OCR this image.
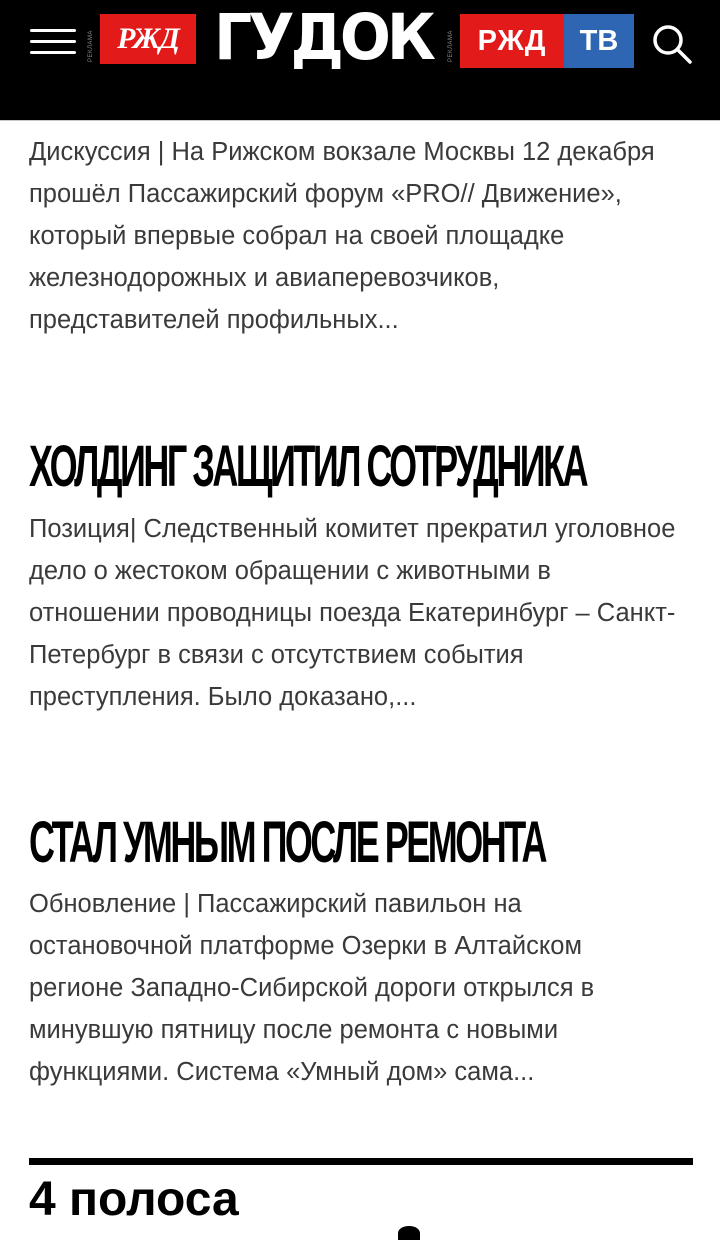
РЕКЛАМА РЖД ГУДОК	РЕКЛАМА РЖД	ТВ

Дискуссия | На Рижском вокзале Москвы 12 декабря прошёл Пассажирский форум «PRO// Движение», который впервые собрал на своей площадке железнодорожных и авиаперевозчиков, представителей профильных...

ХОЛДИНГ ЗАЩИТИЛ СОТРУДНИКА

Позиция| Следственный комитет прекратил уголовное дело о жестоком обращении с животными в отношении проводницы поезда Екатеринбург – Санкт-Петербург в связи с отсутствием события преступления. Было доказано,...

СТАЛ УМНЫМ ПОСЛЕ РЕМОНТА

Обновление | Пассажирский павильон на остановочной платформе Озерки в Алтайском регионе Западно-Сибирской дороги открылся в минувшую пятницу после ремонта с новыми функциями. Система «Умный дом» сама...

4 полоса
